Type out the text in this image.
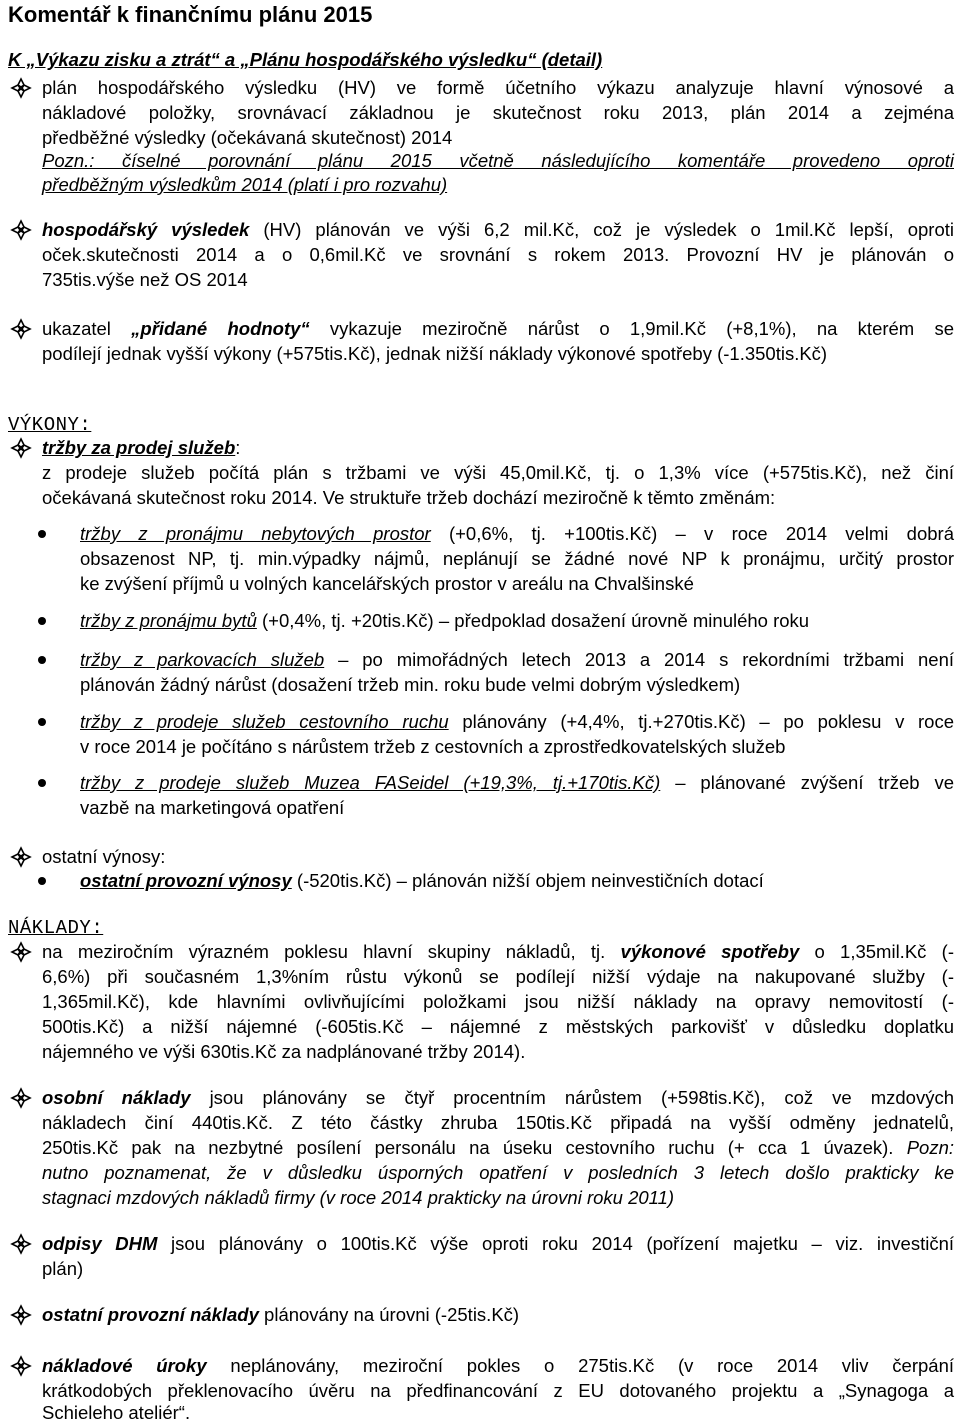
Komentář k finančnímu plánu 2015
K „Výkazu zisku a ztrát“ a „Plánu hospodářského výsledku“ (detail)
plán hospodářského výsledku (HV) ve formě účetního výkazu analyzuje hlavní výnosové a
nákladové položky, srovnávací základnou je skutečnost roku 2013, plán 2014 a zejména
předběžné výsledky (očekávaná skutečnost) 2014
Pozn.: číselné porovnání plánu 2015 včetně následujícího komentáře provedeno oproti
předběžným výsledkům 2014 (platí i pro rozvahu)
hospodářský výsledek (HV) plánován ve výši 6,2 mil.Kč, což je výsledek o 1mil.Kč lepší, oproti
oček.skutečnosti 2014 a o 0,6mil.Kč ve srovnání s rokem 2013. Provozní HV je plánován o
735tis.výše než OS 2014
ukazatel „přidané hodnoty“ vykazuje meziročně nárůst o 1,9mil.Kč (+8,1%), na kterém se
podílejí jednak vyšší výkony (+575tis.Kč), jednak nižší náklady výkonové spotřeby (-1.350tis.Kč)
VÝKONY:
tržby za prodej služeb:
z prodeje služeb počítá plán s tržbami ve výši 45,0mil.Kč, tj. o 1,3% více (+575tis.Kč), než činí
očekávaná skutečnost roku 2014. Ve struktuře tržeb dochází meziročně k těmto změnám:
tržby z pronájmu nebytových prostor (+0,6%, tj. +100tis.Kč) – v roce 2014 velmi dobrá
obsazenost NP, tj. min.výpadky nájmů, neplánují se žádné nové NP k pronájmu, určitý prostor
ke zvýšení příjmů u volných kancelářských prostor v areálu na Chvalšinské
tržby z pronájmu bytů (+0,4%, tj. +20tis.Kč) – předpoklad dosažení úrovně minulého roku
tržby z parkovacích služeb – po mimořádných letech 2013 a 2014 s rekordními tržbami není
plánován žádný nárůst (dosažení tržeb min. roku bude velmi dobrým výsledkem)
tržby z prodeje služeb cestovního ruchu plánovány (+4,4%, tj.+270tis.Kč) – po poklesu v roce
v roce 2014 je počítáno s nárůstem tržeb z cestovních a zprostředkovatelských služeb
tržby z prodeje služeb Muzea FASeidel (+19,3%, tj.+170tis.Kč) – plánované zvýšení tržeb ve
vazbě na marketingová opatření
ostatní výnosy:
ostatní provozní výnosy (-520tis.Kč) – plánován nižší objem neinvestičních dotací
NÁKLADY:
na meziročním výrazném poklesu hlavní skupiny nákladů, tj. výkonové spotřeby o 1,35mil.Kč (-
6,6%) při současném 1,3%ním růstu výkonů se podílejí nižší výdaje na nakupované služby (-
1,365mil.Kč), kde hlavními ovlivňujícími položkami jsou nižší náklady na opravy nemovitostí (-
500tis.Kč) a nižší nájemné (-605tis.Kč – nájemné z městských parkovišť v důsledku doplatku
nájemného ve výši 630tis.Kč za nadplánované tržby 2014).
osobní náklady jsou plánovány se čtyř procentním nárůstem (+598tis.Kč), což ve mzdových
nákladech činí 440tis.Kč. Z této částky zhruba 150tis.Kč připadá na vyšší odměny jednatelů,
250tis.Kč pak na nezbytné posílení personálu na úseku cestovního ruchu (+ cca 1 úvazek). Pozn:
nutno poznamenat, že v důsledku úsporných opatření v posledních 3 letech došlo prakticky ke
stagnaci mzdových nákladů firmy (v roce 2014 prakticky na úrovni roku 2011)
odpisy DHM jsou plánovány o 100tis.Kč výše oproti roku 2014 (pořízení majetku – viz. investiční
plán)
ostatní provozní náklady plánovány na úrovni (-25tis.Kč)
nákladové úroky neplánovány, meziroční pokles o 275tis.Kč (v roce 2014 vliv čerpání
krátkodobých překlenovacího úvěru na předfinancování z EU dotovaného projektu a „Synagoga a
Schieleho ateliér“.
